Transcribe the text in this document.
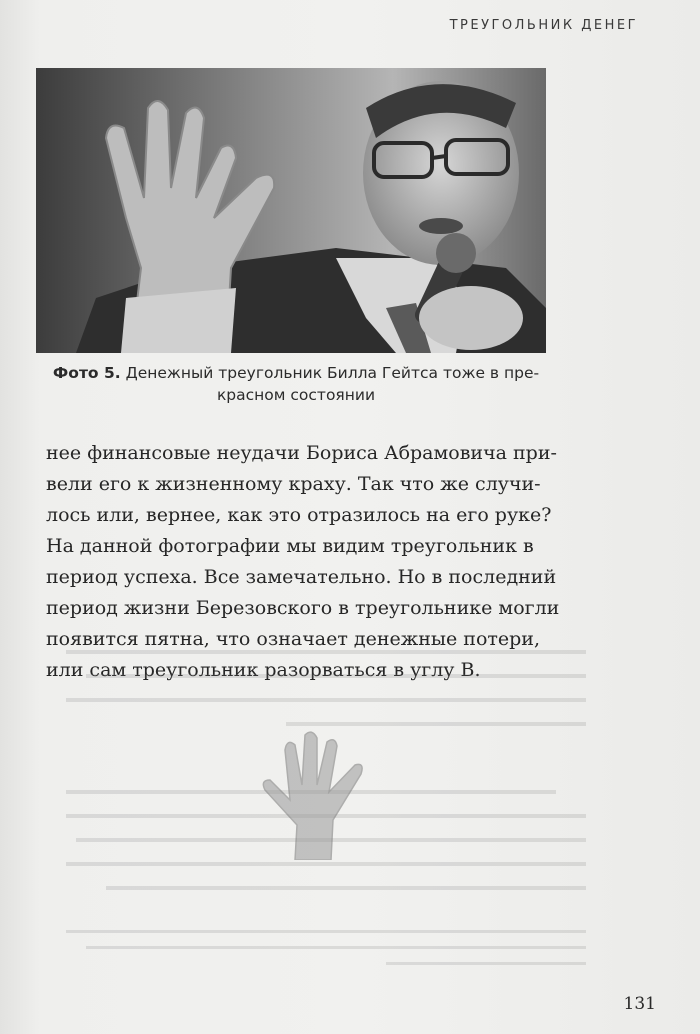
ТРЕУГОЛЬНИК ДЕНЕГ
Фото 5. Денежный треугольник Билла Гейтса тоже в пре-
красном состоянии
нее финансовые неудачи Бориса Абрамовича при-
вели его к жизненному краху. Так что же случи-
лось или, вернее, как это отразилось на его руке?
На данной фотографии мы видим треугольник в
период успеха. Все замечательно. Но в последний
период жизни Березовского в треугольнике могли
появится пятна, что означает денежные потери,
или сам треугольник разорваться в углу В.
131
